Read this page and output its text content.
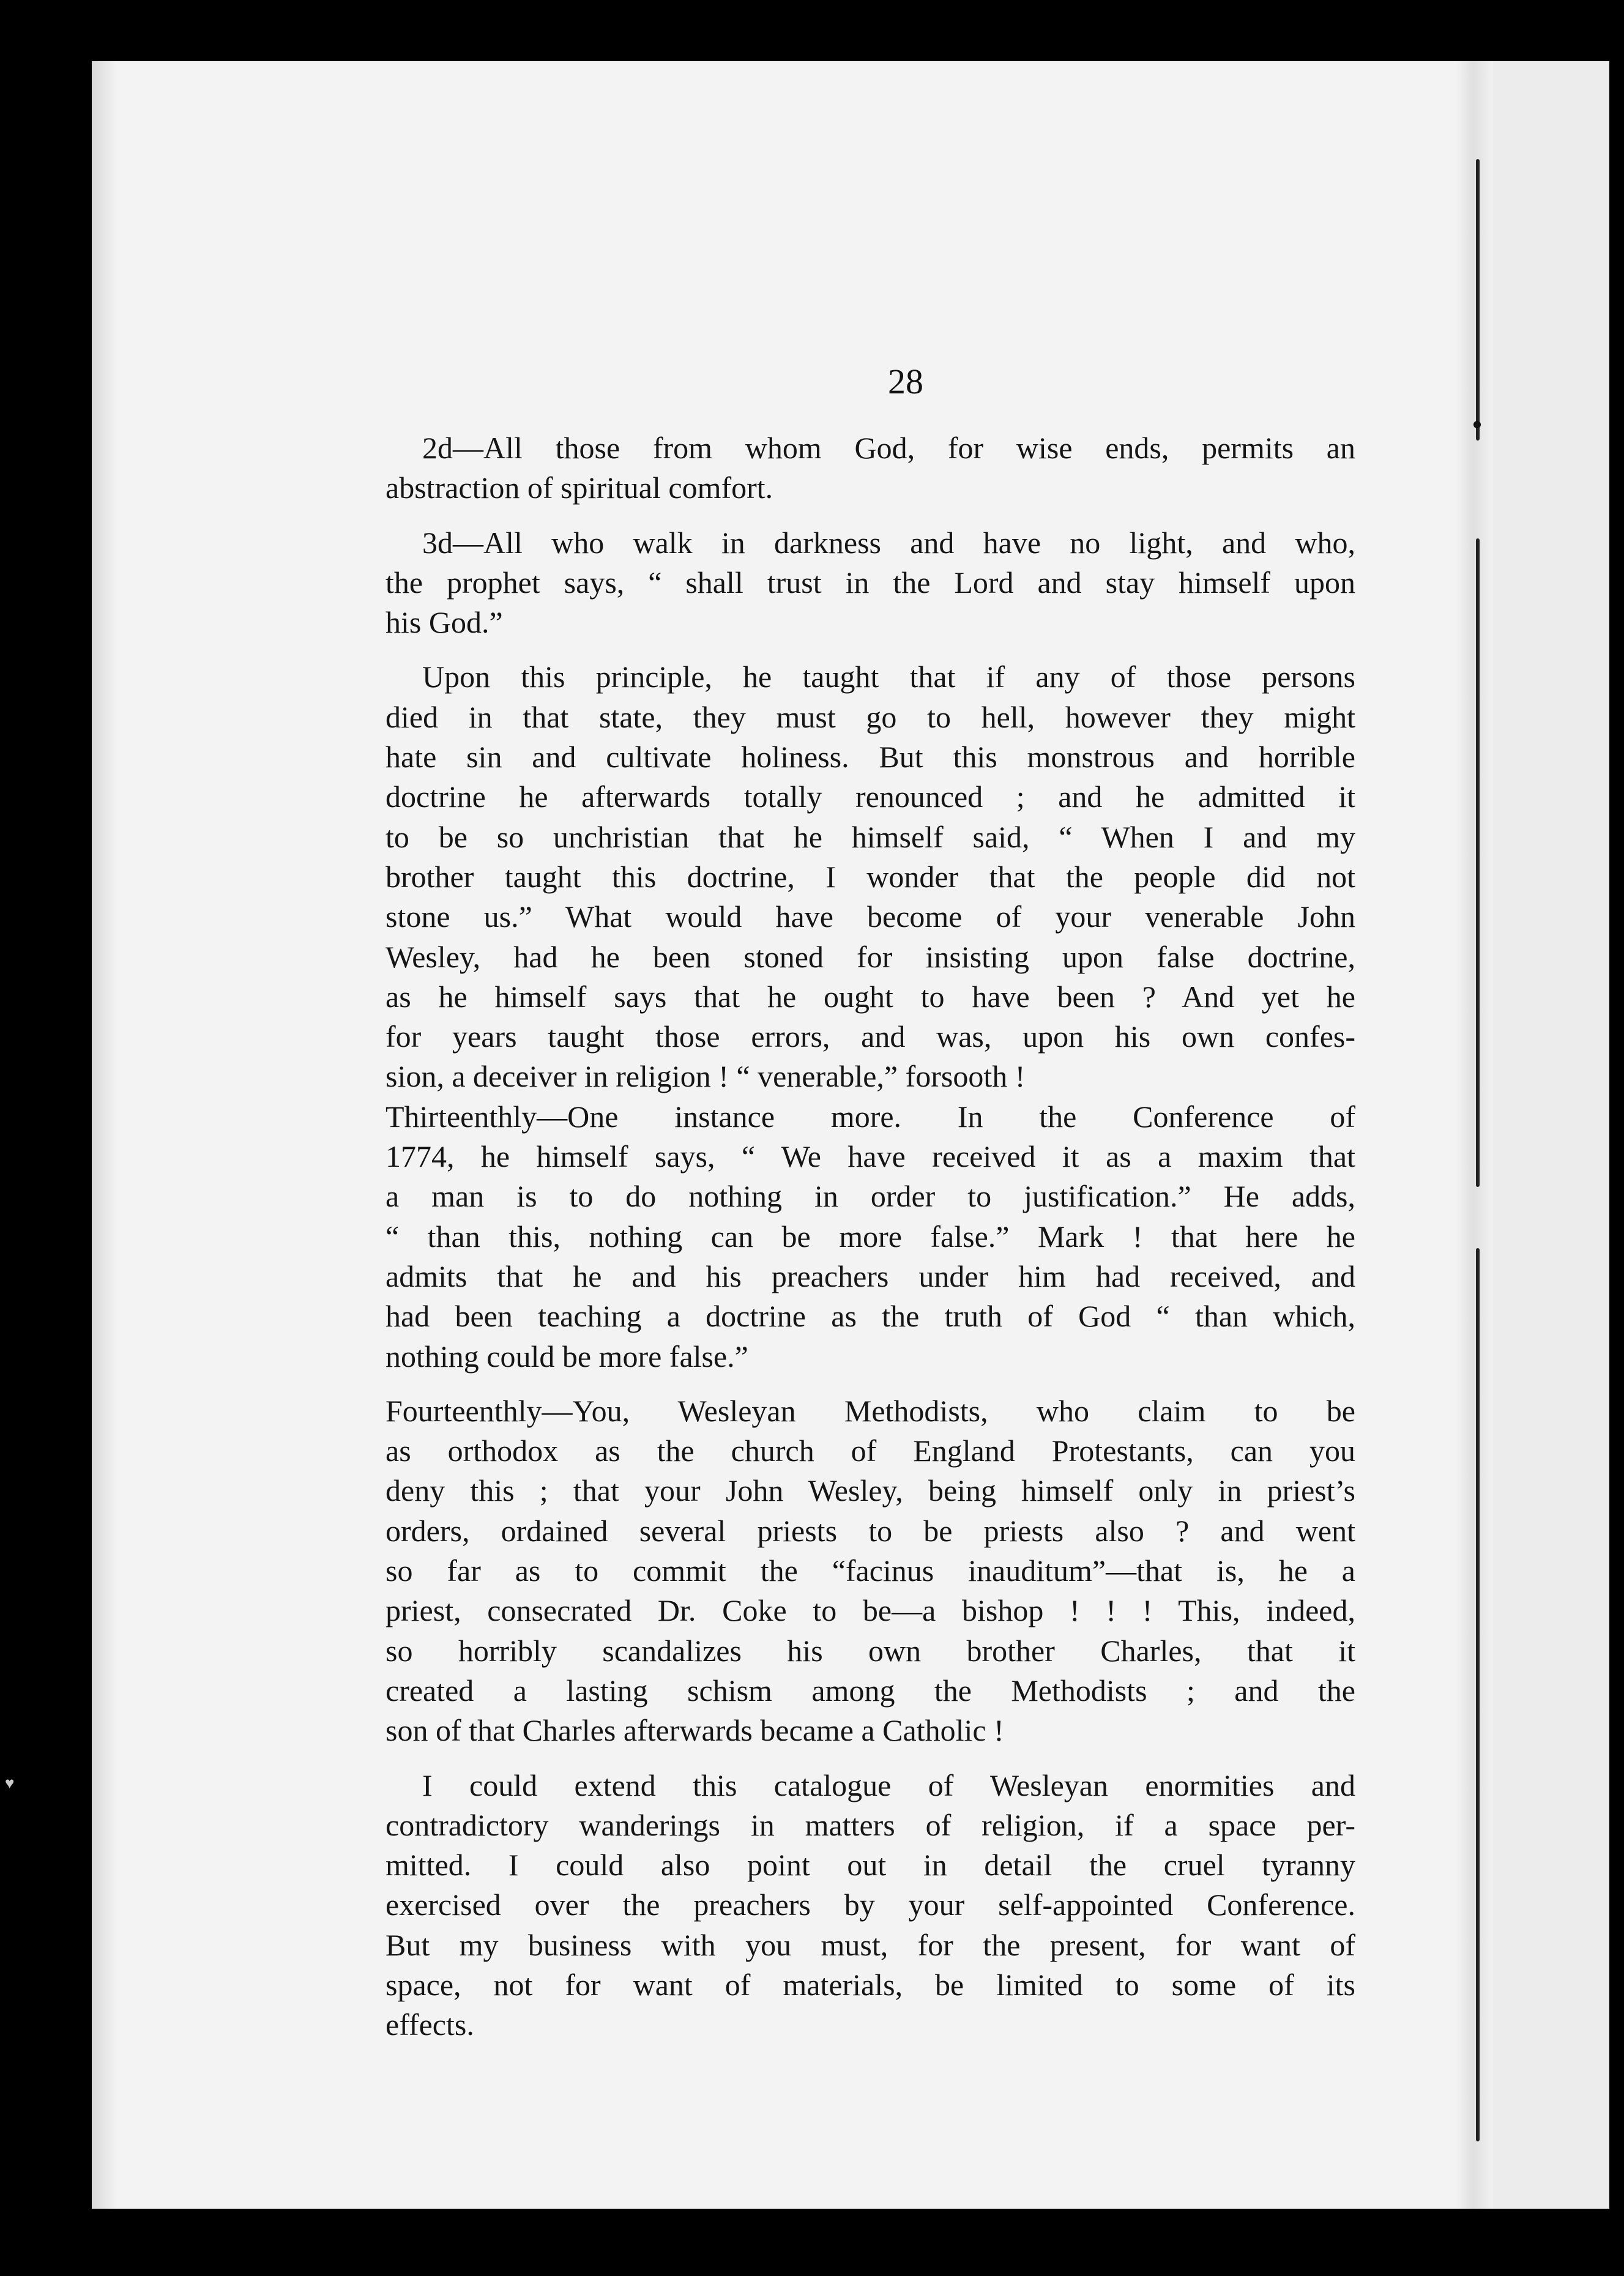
28
2d—All those from whom God, for wise ends, permits an
abstraction of spiritual comfort.
3d—All who walk in darkness and have no light, and who,
the prophet says, “ shall trust in the Lord and stay himself upon
his God.”
Upon this principle, he taught that if any of those persons
died in that state, they must go to hell, however they might
hate sin and cultivate holiness. But this monstrous and horrible
doctrine he afterwards totally renounced ; and he admitted it
to be so unchristian that he himself said, “ When I and my
brother taught this doctrine, I wonder that the people did not
stone us.” What would have become of your venerable John
Wesley, had he been stoned for insisting upon false doctrine,
as he himself says that he ought to have been ? And yet he
for years taught those errors, and was, upon his own confes-
sion, a deceiver in religion ! “ venerable,” forsooth !
Thirteenthly—One instance more. In the Conference of
1774, he himself says, “ We have received it as a maxim that
a man is to do nothing in order to justification.” He adds,
“ than this, nothing can be more false.” Mark ! that here he
admits that he and his preachers under him had received, and
had been teaching a doctrine as the truth of God “ than which,
nothing could be more false.”
Fourteenthly—You, Wesleyan Methodists, who claim to be
as orthodox as the church of England Protestants, can you
deny this ; that your John Wesley, being himself only in priest’s
orders, ordained several priests to be priests also ? and went
so far as to commit the “facinus inauditum”—that is, he a
priest, consecrated Dr. Coke to be—a bishop ! ! ! This, indeed,
so horribly scandalizes his own brother Charles, that it
created a lasting schism among the Methodists ; and the
son of that Charles afterwards became a Catholic !
I could extend this catalogue of Wesleyan enormities and
contradictory wanderings in matters of religion, if a space per-
mitted. I could also point out in detail the cruel tyranny
exercised over the preachers by your self-appointed Conference.
But my business with you must, for the present, for want of
space, not for want of materials, be limited to some of its
effects.
♥
